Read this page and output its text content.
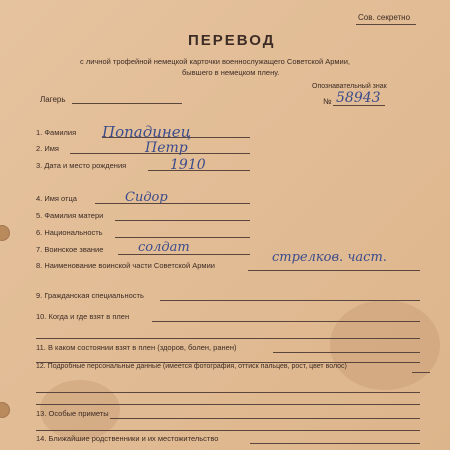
Сов. секретно
ПЕРЕВОД
с личной трофейной немецкой карточки военнослужащего Советской Армии,
бывшего в немецком плену.
Опознавательный знак
№ 58943
Лагерь
1. Фамилия Попадинец
2. Имя	Петр
3. Дата и место рождения	1910
4. Имя отца	Сидор
5. Фамилия матери
6. Национальность
7. Воинское звание	солдат
8. Наименование воинской части Советской Армии
стрелков. част.
9. Гражданская специальность
10. Когда и где взят в плен
11. В каком состоянии взят в плен (здоров, болен, ранен)
12. Подробные персональные данные (имеется фотография, оттиск пальцев, рост, цвет волос)
13. Особые приметы
14. Ближайшие родственники и их местожительство
